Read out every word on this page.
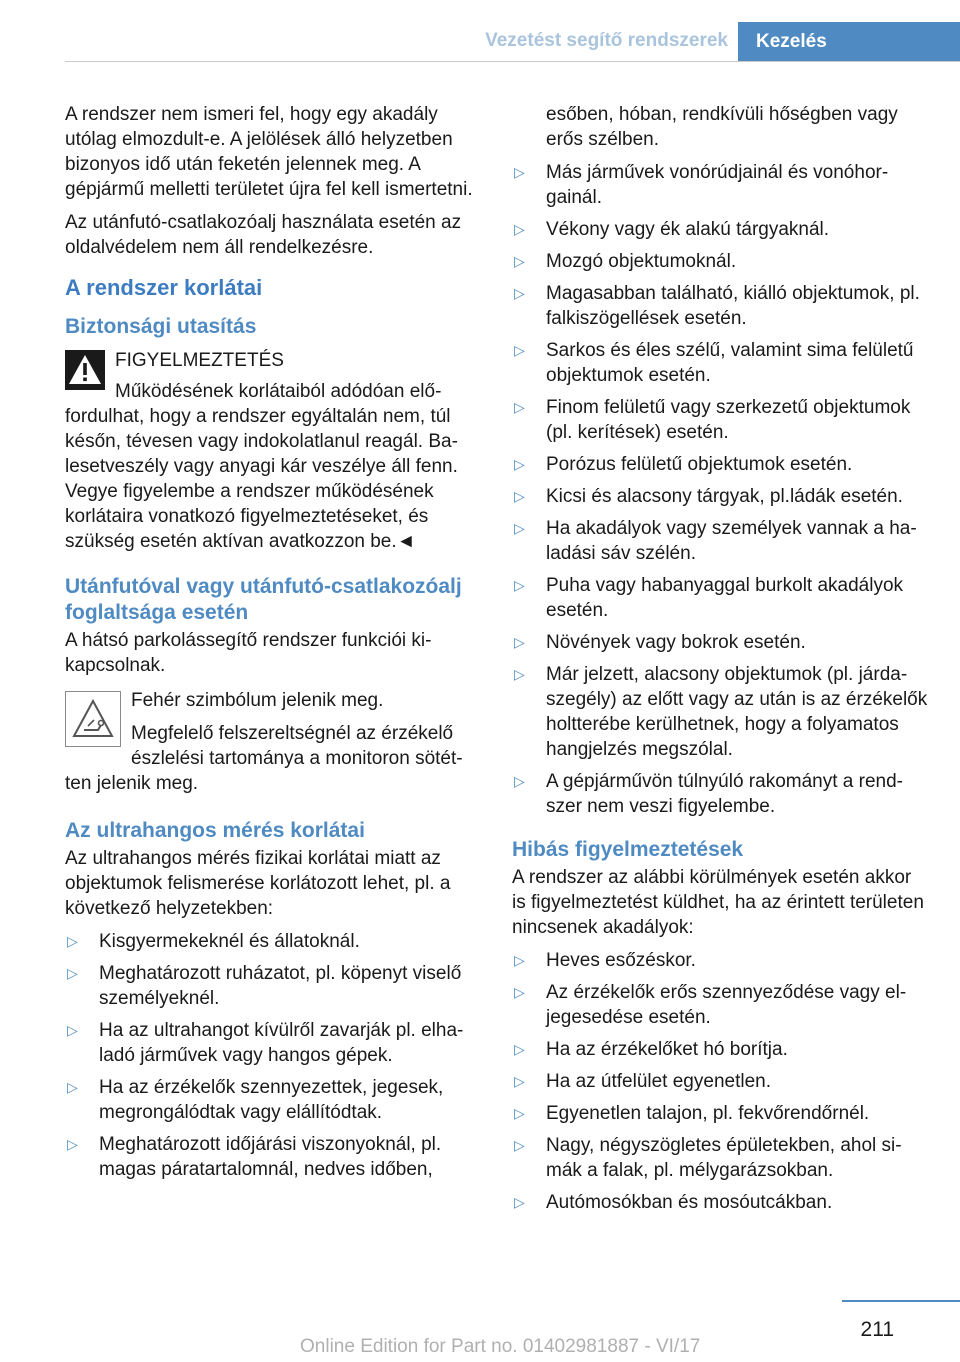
Vezetést segítő rendszerek	Kezelés

A rendszer nem ismeri fel, hogy egy akadály utólag elmozdult-e. A jelölések álló helyzetben bizonyos idő után feketén jelennek meg. A gépjármű melletti területet újra fel kell ismertetni.

Az utánfutó-csatlakozóalj használata esetén az oldalvédelem nem áll rendelkezésre.

A rendszer korlátai
Biztonsági utasítás

FIGYELMEZTETÉS

Működésének korlátaiból adódóan előfordulhat, hogy a rendszer egyáltalán nem, túl későn, tévesen vagy indokolatlanul reagál. Balesetveszély vagy anyagi kár veszélye áll fenn. Vegye figyelembe a rendszer működésének korlátaira vonatkozó figyelmeztetéseket, és szükség esetén aktívan avatkozzon be.◄

Utánfutóval vagy utánfutó-csatlakozóalj foglaltsága esetén

A hátsó parkolássegítő rendszer funkciói kikapcsolnak.

Fehér szimbólum jelenik meg.

Megfelelő felszereltségnél az érzékelő észlelési tartománya a monitoron sötétten jelenik meg.

Az ultrahangos mérés korlátai

Az ultrahangos mérés fizikai korlátai miatt az objektumok felismerése korlátozott lehet, pl. a következő helyzetekben:

▷ Kisgyermekeknél és állatoknál.
▷ Meghatározott ruházatot, pl. köpenyt viselő személyeknél.
▷ Ha az ultrahangot kívülről zavarják pl. elhaladó járművek vagy hangos gépek.
▷ Ha az érzékelők szennyezettek, jegesek, megrongálódtak vagy elállítódtak.
▷ Meghatározott időjárási viszonyoknál, pl. magas páratartalomnál, nedves időben,

esőben, hóban, rendkívüli hőségben vagy erős szélben.

▷ Más járművek vonórúdjainál és vonóhorgainál.
▷ Vékony vagy ék alakú tárgyaknál.
▷ Mozgó objektumoknál.
▷ Magasabban található, kiálló objektumok, pl. falkiszögellések esetén.
▷ Sarkos és éles szélű, valamint sima felületű objektumok esetén.
▷ Finom felületű vagy szerkezetű objektumok (pl. kerítések) esetén.
▷ Porózus felületű objektumok esetén.
▷ Kicsi és alacsony tárgyak, pl.ládák esetén.
▷ Ha akadályok vagy személyek vannak a haladási sáv szélén.
▷ Puha vagy habanyaggal burkolt akadályok esetén.
▷ Növények vagy bokrok esetén.
▷ Már jelzett, alacsony objektumok (pl. járdaszegély) az előtt vagy az után is az érzékelők holtterébe kerülhetnek, hogy a folyamatos hangjelzés megszólal.
▷ A gépjárművön túlnyúló rakományt a rendszer nem veszi figyelembe.
Hibás figyelmeztetések

A rendszer az alábbi körülmények esetén akkor is figyelmeztetést küldhet, ha az érintett területen nincsenek akadályok:

▷ Heves esőzéskor.
▷ Az érzékelők erős szennyeződése vagy eljegesedése esetén.
▷ Ha az érzékelőket hó borítja.
▷ Ha az útfelület egyenetlen.
▷ Egyenetlen talajon, pl. fekvőrendőrnél.
▷ Nagy, négyszögletes épületekben, ahol simák a falak, pl. mélygarázsokban.
▷ Autómosókban és mosóutcákban.
211
Online Edition for Part no. 01402981887 - VI/17
